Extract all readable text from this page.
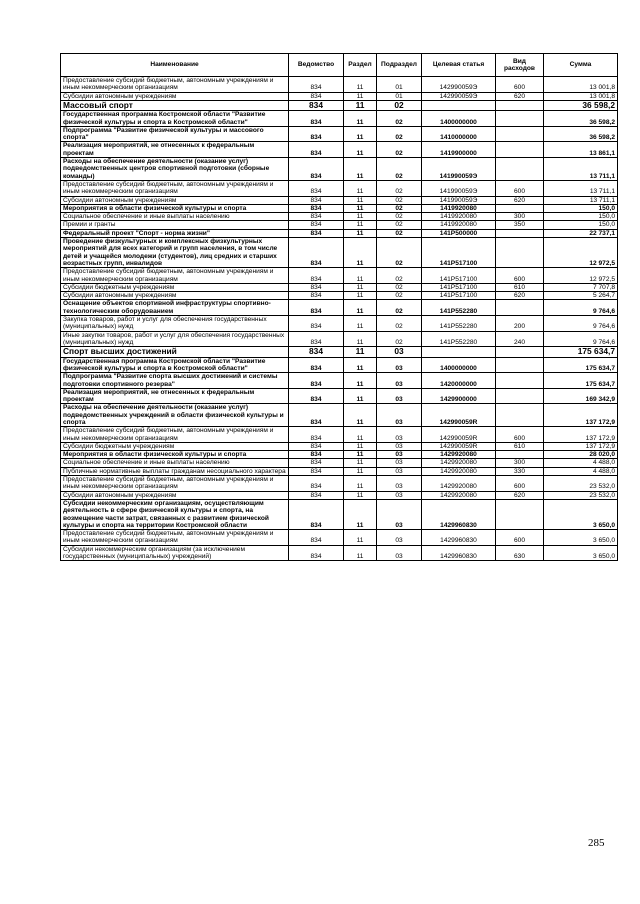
Наименование	Ведомство	Раздел	Подраздел	Целевая статья	Вид расходов	Сумма
Предоставление субсидий бюджетным, автономным учреждениям и иным некоммерческим организациям	834	11	01	142990059Э	600	13 001,8
Субсидии автономным учреждениям	834	11	01	142990059Э	620	13 001,8
Массовый спорт	834	11	02			36 598,2
Государственная программа Костромской области "Развитие физической культуры и спорта в Костромской области"	834	11	02	1400000000		36 598,2
Подпрограмма "Развитие физической культуры и массового спорта"	834	11	02	1410000000		36 598,2
Реализация мероприятий, не отнесенных к федеральным проектам	834	11	02	1419900000		13 861,1
Расходы на обеспечение деятельности (оказание услуг) подведомственных центров спортивной подготовки (сборные команды)	834	11	02	141990059Э		13 711,1
Предоставление субсидий бюджетным, автономным учреждениям и иным некоммерческим организациям	834	11	02	141990059Э	600	13 711,1
Субсидии автономным учреждениям	834	11	02	141990059Э	620	13 711,1
Мероприятия в области физической культуры и спорта	834	11	02	1419920080		150,0
Социальное обеспечение и иные выплаты населению	834	11	02	1419920080	300	150,0
Премии и гранты	834	11	02	1419920080	350	150,0
Федеральный проект "Спорт - норма жизни"	834	11	02	141P500000		22 737,1
Проведение физкультурных и комплексных физкультурных мероприятий для всех категорий и групп населения, в том числе детей и учащейся молодежи (студентов), лиц средних и старших возрастных групп, инвалидов	834	11	02	141P517100		12 972,5
Предоставление субсидий бюджетным, автономным учреждениям и иным некоммерческим организациям	834	11	02	141P517100	600	12 972,5
Субсидии бюджетным учреждениям	834	11	02	141P517100	610	7 707,8
Субсидии автономным учреждениям	834	11	02	141P517100	620	5 264,7
Оснащение объектов спортивной инфраструктуры спортивно-технологическим оборудованием	834	11	02	141P552280		9 764,6
Закупка товаров, работ и услуг для обеспечения государственных (муниципальных) нужд	834	11	02	141P552280	200	9 764,6
Иные закупки товаров, работ и услуг для обеспечения государственных (муниципальных) нужд	834	11	02	141P552280	240	9 764,6
Спорт высших достижений	834	11	03			175 634,7
Государственная программа Костромской области "Развитие физической культуры и спорта в Костромской области"	834	11	03	1400000000		175 634,7
Подпрограмма "Развитие спорта высших достижений и системы подготовки спортивного резерва"	834	11	03	1420000000		175 634,7
Реализация мероприятий, не отнесенных к федеральным проектам	834	11	03	1429900000		169 342,9
Расходы на обеспечение деятельности (оказание услуг) подведомственных учреждений в области физической культуры и спорта	834	11	03	142990059R		137 172,9
Предоставление субсидий бюджетным, автономным учреждениям и иным некоммерческим организациям	834	11	03	142990059R	600	137 172,9
Субсидии бюджетным учреждениям	834	11	03	142990059R	610	137 172,9
Мероприятия в области физической культуры и спорта	834	11	03	1429920080		28 020,0
Социальное обеспечение и иные выплаты населению	834	11	03	1429920080	300	4 488,0
Публичные нормативные выплаты гражданам несоциального характера	834	11	03	1429920080	330	4 488,0
Предоставление субсидий бюджетным, автономным учреждениям и иным некоммерческим организациям	834	11	03	1429920080	600	23 532,0
Субсидии автономным учреждениям	834	11	03	1429920080	620	23 532,0
Субсидии некоммерческим организациям, осуществляющим деятельность в сфере физической культуры и спорта, на возмещение части затрат, связанных с развитием физической культуры и спорта на территории Костромской области	834	11	03	1429960830		3 650,0
Предоставление субсидий бюджетным, автономным учреждениям и иным некоммерческим организациям	834	11	03	1429960830	600	3 650,0
Субсидии некоммерческим организациям (за исключением государственных (муниципальных) учреждений)	834	11	03	1429960830	630	3 650,0
285
